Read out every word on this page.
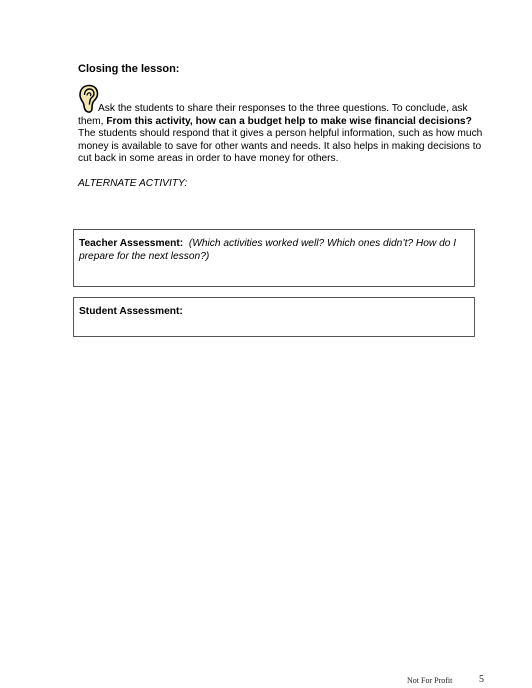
Closing the lesson:
Ask the students to share their responses to the three questions. To conclude, ask them, From this activity, how can a budget help to make wise financial decisions? The students should respond that it gives a person helpful information, such as how much money is available to save for other wants and needs. It also helps in making decisions to cut back in some areas in order to have money for others.
ALTERNATE ACTIVITY:
Teacher Assessment: (Which activities worked well? Which ones didn’t? How do I prepare for the next lesson?)
Student Assessment:
Not For Profit	5
